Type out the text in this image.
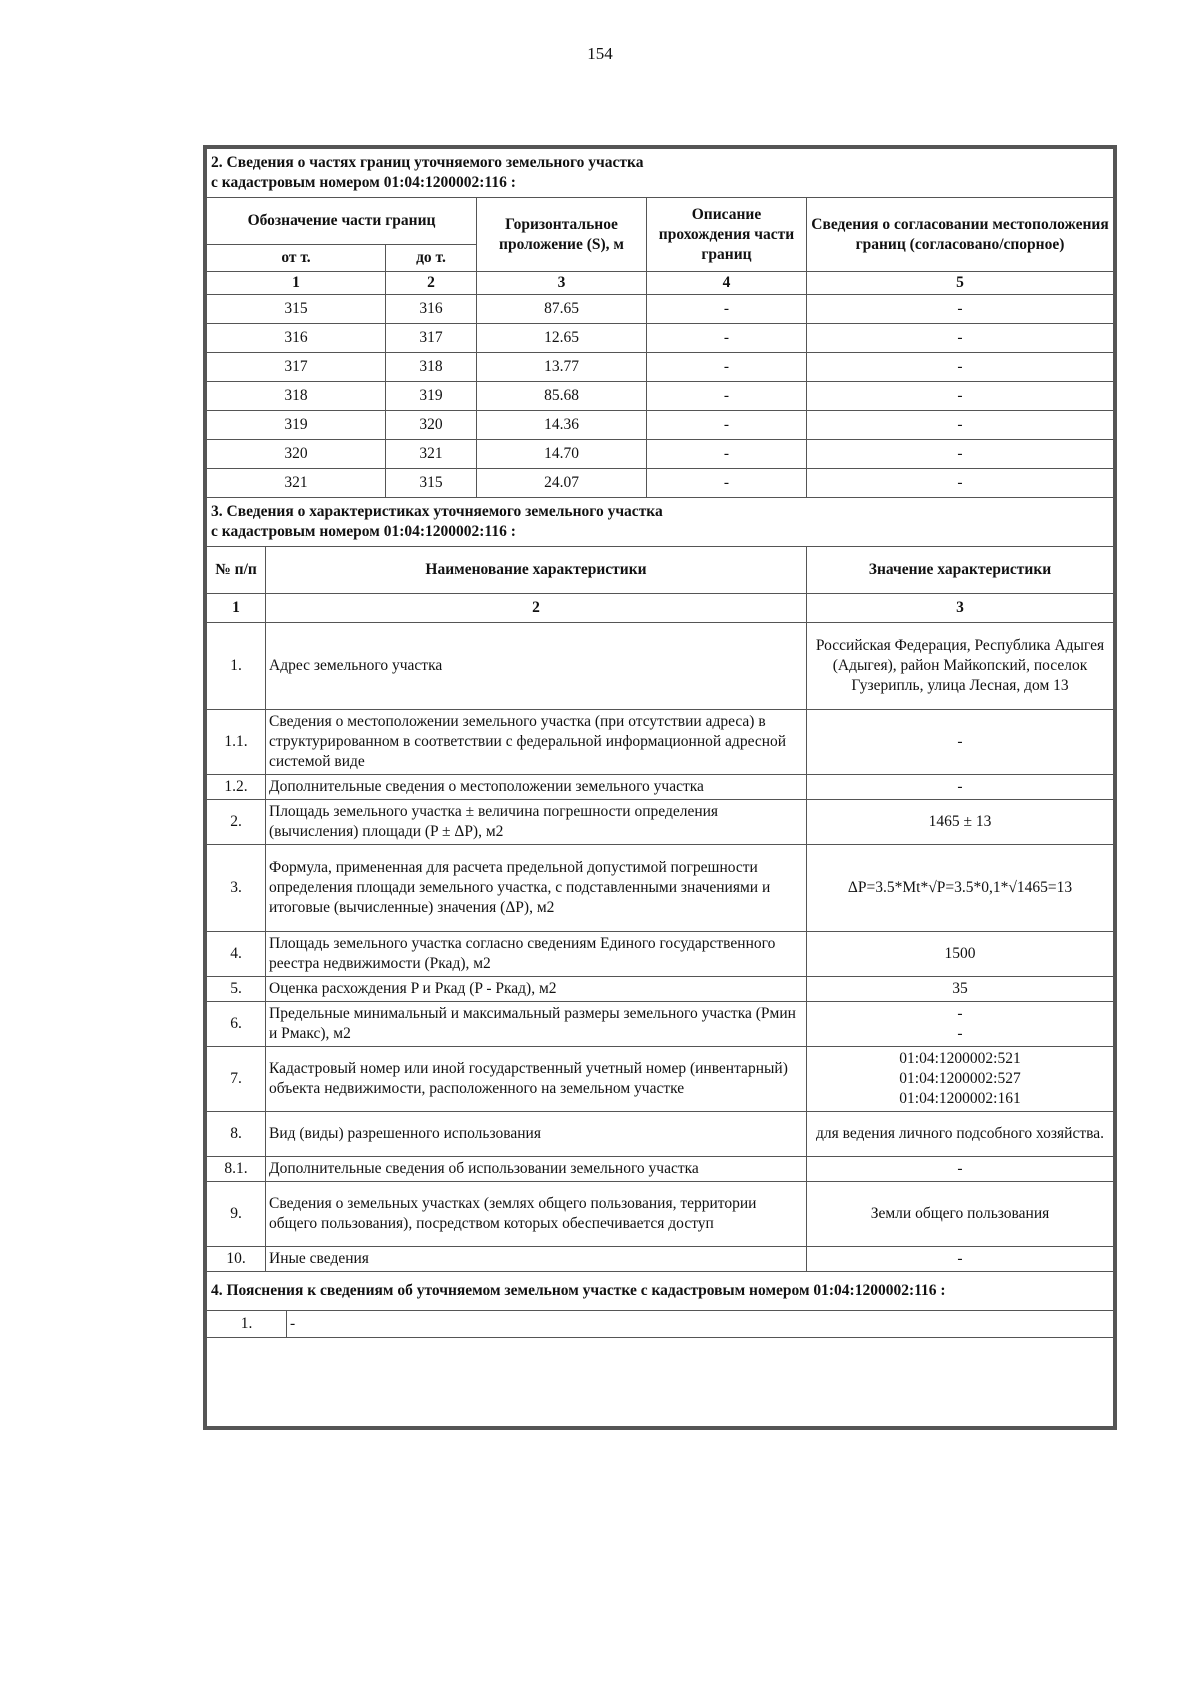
154
2. Сведения о частях границ уточняемого земельного участка
с кадастровым номером 01:04:1200002:116 :				

Обозначение части границ		Горизонтальное проложение (S), м	Описание прохождения части границ	Сведения о согласовании местоположения границ (согласовано/спорное)
от т.	до т.			
1	2	3	4	5
315	316	87.65	-	-
316	317	12.65	-	-
317	318	13.77	-	-
318	319	85.68	-	-
319	320	14.36	-	-
320	321	14.70	-	-
321	315	24.07	-	-
3. Сведения о характеристиках уточняемого земельного участка
с кадастровым номером 01:04:1200002:116 :		

№ п/п	Наименование характеристики	Значение характеристики
1	2	3
1.	Адрес земельного участка	Российская Федерация, Республика Адыгея (Адыгея), район Майкопский, поселок Гузерипль, улица Лесная, дом 13
1.1.	Сведения о местоположении земельного участка (при отсутствии адреса) в структурированном в соответствии с федеральной информационной адресной системой виде	-
1.2.	Дополнительные сведения о местоположении земельного участка	-
2.	Площадь земельного участка ± величина погрешности определения (вычисления) площади (P ± ΔP), м2	1465 ± 13
3.	Формула, примененная для расчета предельной допустимой погрешности определения площади земельного участка, с подставленными значениями и итоговые (вычисленные) значения (ΔP), м2	ΔP=3.5*Mt*√P=3.5*0,1*√1465=13
4.	Площадь земельного участка согласно сведениям Единого государственного реестра недвижимости (Pкад), м2	1500
5.	Оценка расхождения P и Pкад (P - Pкад), м2	35
6.	Предельные минимальный и максимальный размеры земельного участка (Pмин и Pмакс), м2	-
-

7.	Кадастровый номер или иной государственный учетный номер (инвентарный) объекта недвижимости, расположенного на земельном участке	01:04:1200002:521
01:04:1200002:527
01:04:1200002:161

8.	Вид (виды) разрешенного использования	для ведения личного подсобного хозяйства.
8.1.	Дополнительные сведения об использовании земельного участка	-
9.	Сведения о земельных участках (землях общего пользования, территории общего пользования), посредством которых обеспечивается доступ	Земли общего пользования
10.	Иные сведения	-
4. Пояснения к сведениям об уточняемом земельном участке с кадастровым номером 01:04:1200002:116 :
1.	-
